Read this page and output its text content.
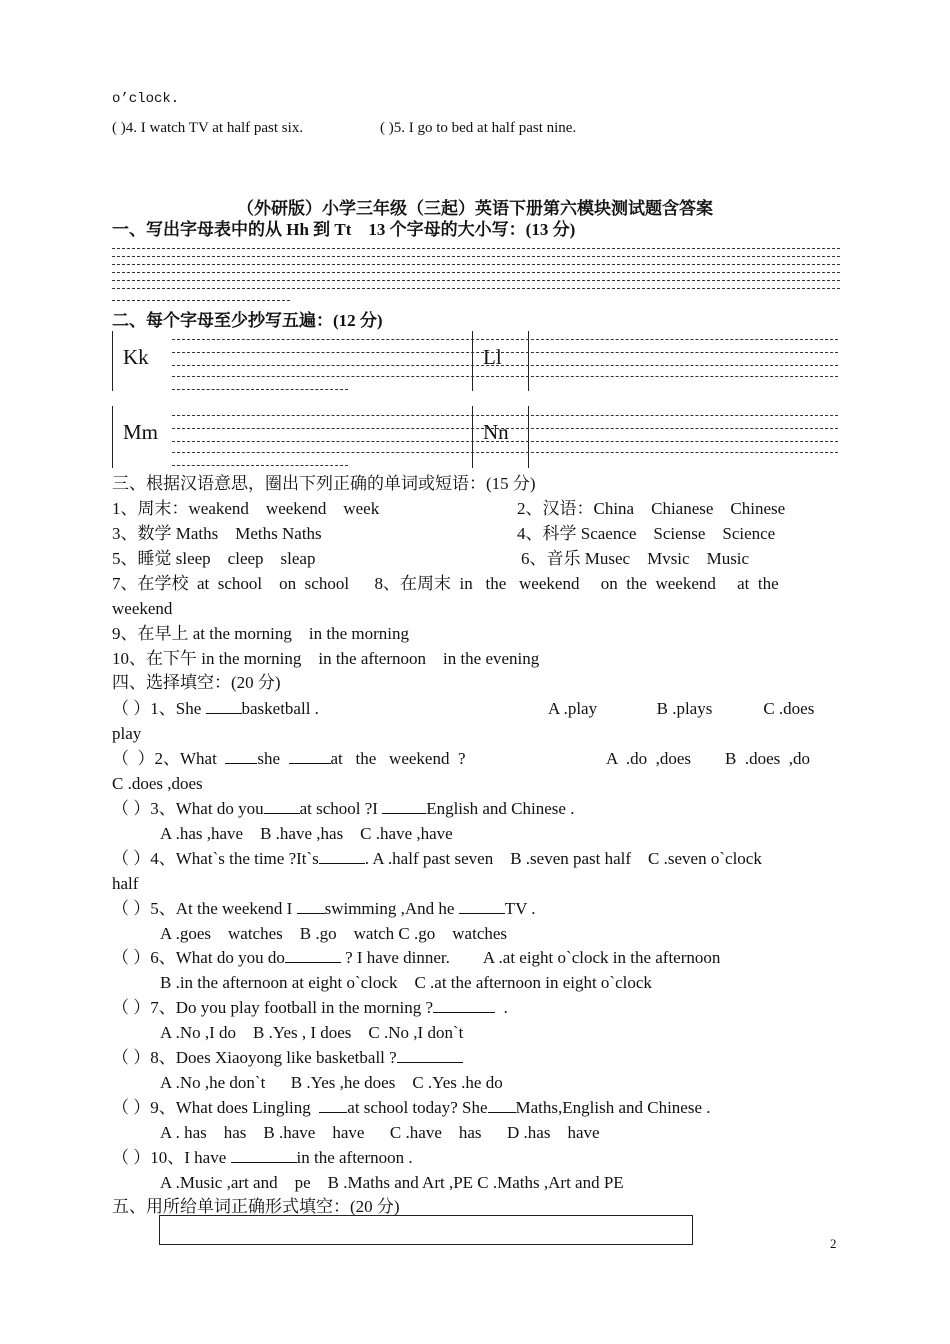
o’clock.
( )4. I watch TV at half past six.	( )5. I go to bed at half past nine.
（外研版）小学三年级（三起）英语下册第六模块测试题含答案
一、写出字母表中的从 Hh 到 Tt　13 个字母的大小写：(13 分)
二、每个字母至少抄写五遍：(12 分)
Kk	Ll
Mm	Nn
三、根据汉语意思，圈出下列正确的单词或短语：(15 分)
1、周末：weakend    weekend    week	2、汉语：China    Chianese    Chinese
3、数学 Maths    Meths Naths	4、科学 Scaence    Sciense    Science
5、睡觉 sleep    cleep    sleap	6、音乐 Musec    Mvsic    Music
7、在学校  at  school    on  school      8、在周末  in   the   weekend     on  the  weekend     at  the
weekend
9、在早上 at the morning    in the morning
10、在下午 in the morning    in the afternoon    in the evening
四、选择填空：(20 分)
（ ）1、She basketball .	A .play              B .plays            C .does
play
（  ）2、What she	at   the   weekend  ?	A  .do  ,does        B  .does  ,do
C .does ,does
（ ）3、What do you at school ?I	English and Chinese .
A .has ,have    B .have ,has    C .have ,have
（ ）4、What`s the time ?It`s	. A .half past seven    B .seven past half    C .seven o`clock
half
（ ）5、At the weekend I swimming ,And he	TV .
A .goes    watches    B .go    watch C .go    watches
（ ）6、What do you do	? I have dinner.        A .at eight o`clock in the afternoon
B .in the afternoon at eight o`clock    C .at the afternoon in eight o`clock
（ ）7、Do you play football in the morning ?	.
A .No ,I do    B .Yes , I does    C .No ,I don`t
（ ）8、Does Xiaoyong like basketball ?
A .No ,he don`t      B .Yes ,he does    C .Yes .he do
（ ）9、What does Lingling at school today? She Maths,English and Chinese .
A . has    has    B .have    have      C .have    has      D .has    have
（ ）10、I have	in the afternoon .
A .Music ,art and    pe    B .Maths and Art ,PE C .Maths ,Art and PE
五、用所给单词正确形式填空：(20 分)
2
